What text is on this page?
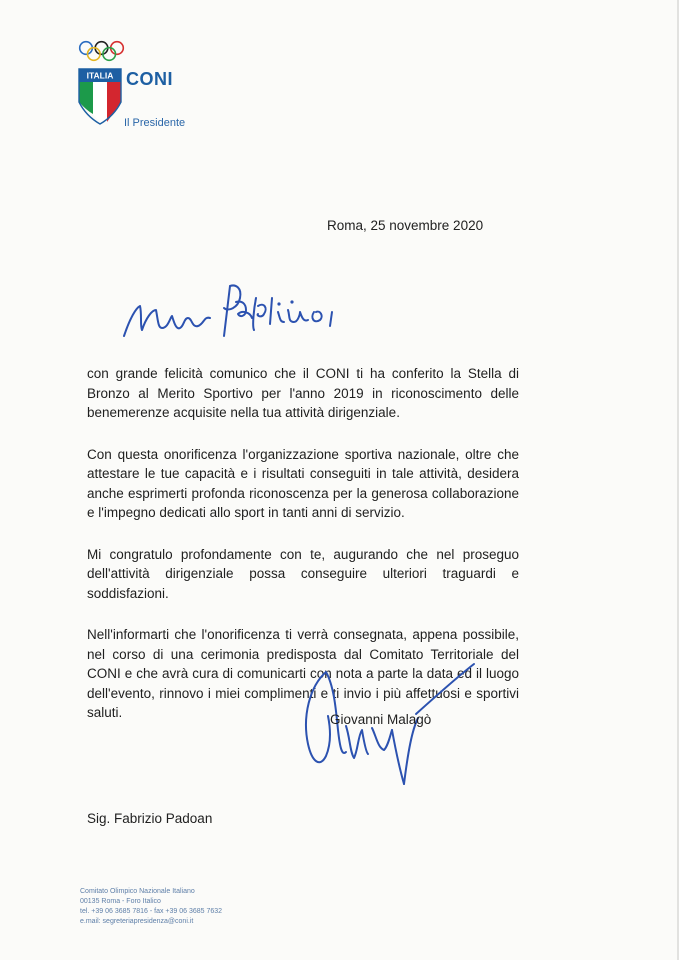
ITALIA CONI
Il Presidente
Roma, 25 novembre 2020

con grande felicità comunico che il CONI ti ha conferito la Stella di Bronzo al Merito Sportivo per l'anno 2019 in riconoscimento delle benemerenze acquisite nella tua attività dirigenziale.

Con questa onorificenza l'organizzazione sportiva nazionale, oltre che attestare le tue capacità e i risultati conseguiti in tale attività, desidera anche esprimerti profonda riconoscenza per la generosa collaborazione e l'impegno dedicati allo sport in tanti anni di servizio.

Mi congratulo profondamente con te, augurando che nel proseguo dell'attività dirigenziale possa conseguire ulteriori traguardi e soddisfazioni.

Nell'informarti che l'onorificenza ti verrà consegnata, appena possibile, nel corso di una cerimonia predisposta dal Comitato Territoriale del CONI e che avrà cura di comunicarti con nota a parte la data ed il luogo dell'evento, rinnovo i miei complimenti e ti invio i più affettuosi e sportivi saluti.	Giovanni Malagò
Sig. Fabrizio Padoan
Comitato Olimpico Nazionale Italiano
00135 Roma - Foro Italico
tel. +39 06 3685 7816 - fax +39 06 3685 7632
e.mail: segreteriapresidenza@coni.it
